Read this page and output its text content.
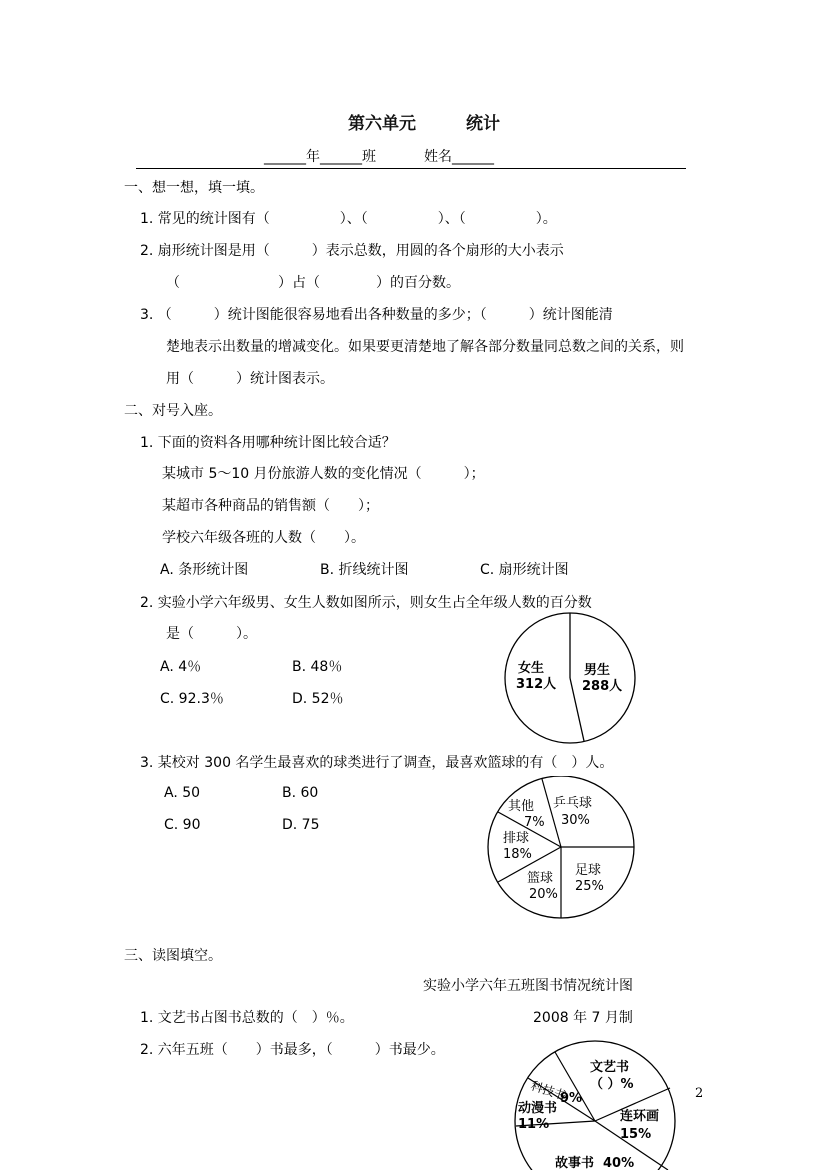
第六单元	统计
______年______班	姓名______
一、想一想，填一填。
1. 常见的统计图有（　　　　　）、（　　　　　）、（　　　　　）。
2. 扇形统计图是用（　　　）表示总数，用圆的各个扇形的大小表示
（　　　　　　　）占（　　　　）的百分数。
3. （　　　）统计图能很容易地看出各种数量的多少；（　　　）统计图能清
楚地表示出数量的增减变化。如果要更清楚地了解各部分数量同总数之间的关系，则
用（　　　）统计图表示。
二、对号入座。
1. 下面的资料各用哪种统计图比较合适？
某城市 5～10 月份旅游人数的变化情况（　　　）；
某超市各种商品的销售额（　　）；
学校六年级各班的人数（　　）。
A. 条形统计图	B. 折线统计图	C. 扇形统计图
2. 实验小学六年级男、女生人数如图所示，则女生占全年级人数的百分数
是（　　　）。
A. 4％	B. 48％
C. 92.3％	D. 52％
女生
312人
男生
288人
3. 某校对 300 名学生最喜欢的球类进行了调查，最喜欢篮球的有（　）人。
A. 50	B. 60
C. 90	D. 75
乒乓球
30%
其他
7%
排球
18%
篮球
20%
足球
25%
三、读图填空。
实验小学六年五班图书情况统计图
1. 文艺书占图书总数的（　）％。	2008 年 7 月制
2. 六年五班（　　）书最多，（　　　）书最少。
文艺书
（ ）%
科技书
9%
动漫书
11%
连环画
15%
故事书 40%
2
